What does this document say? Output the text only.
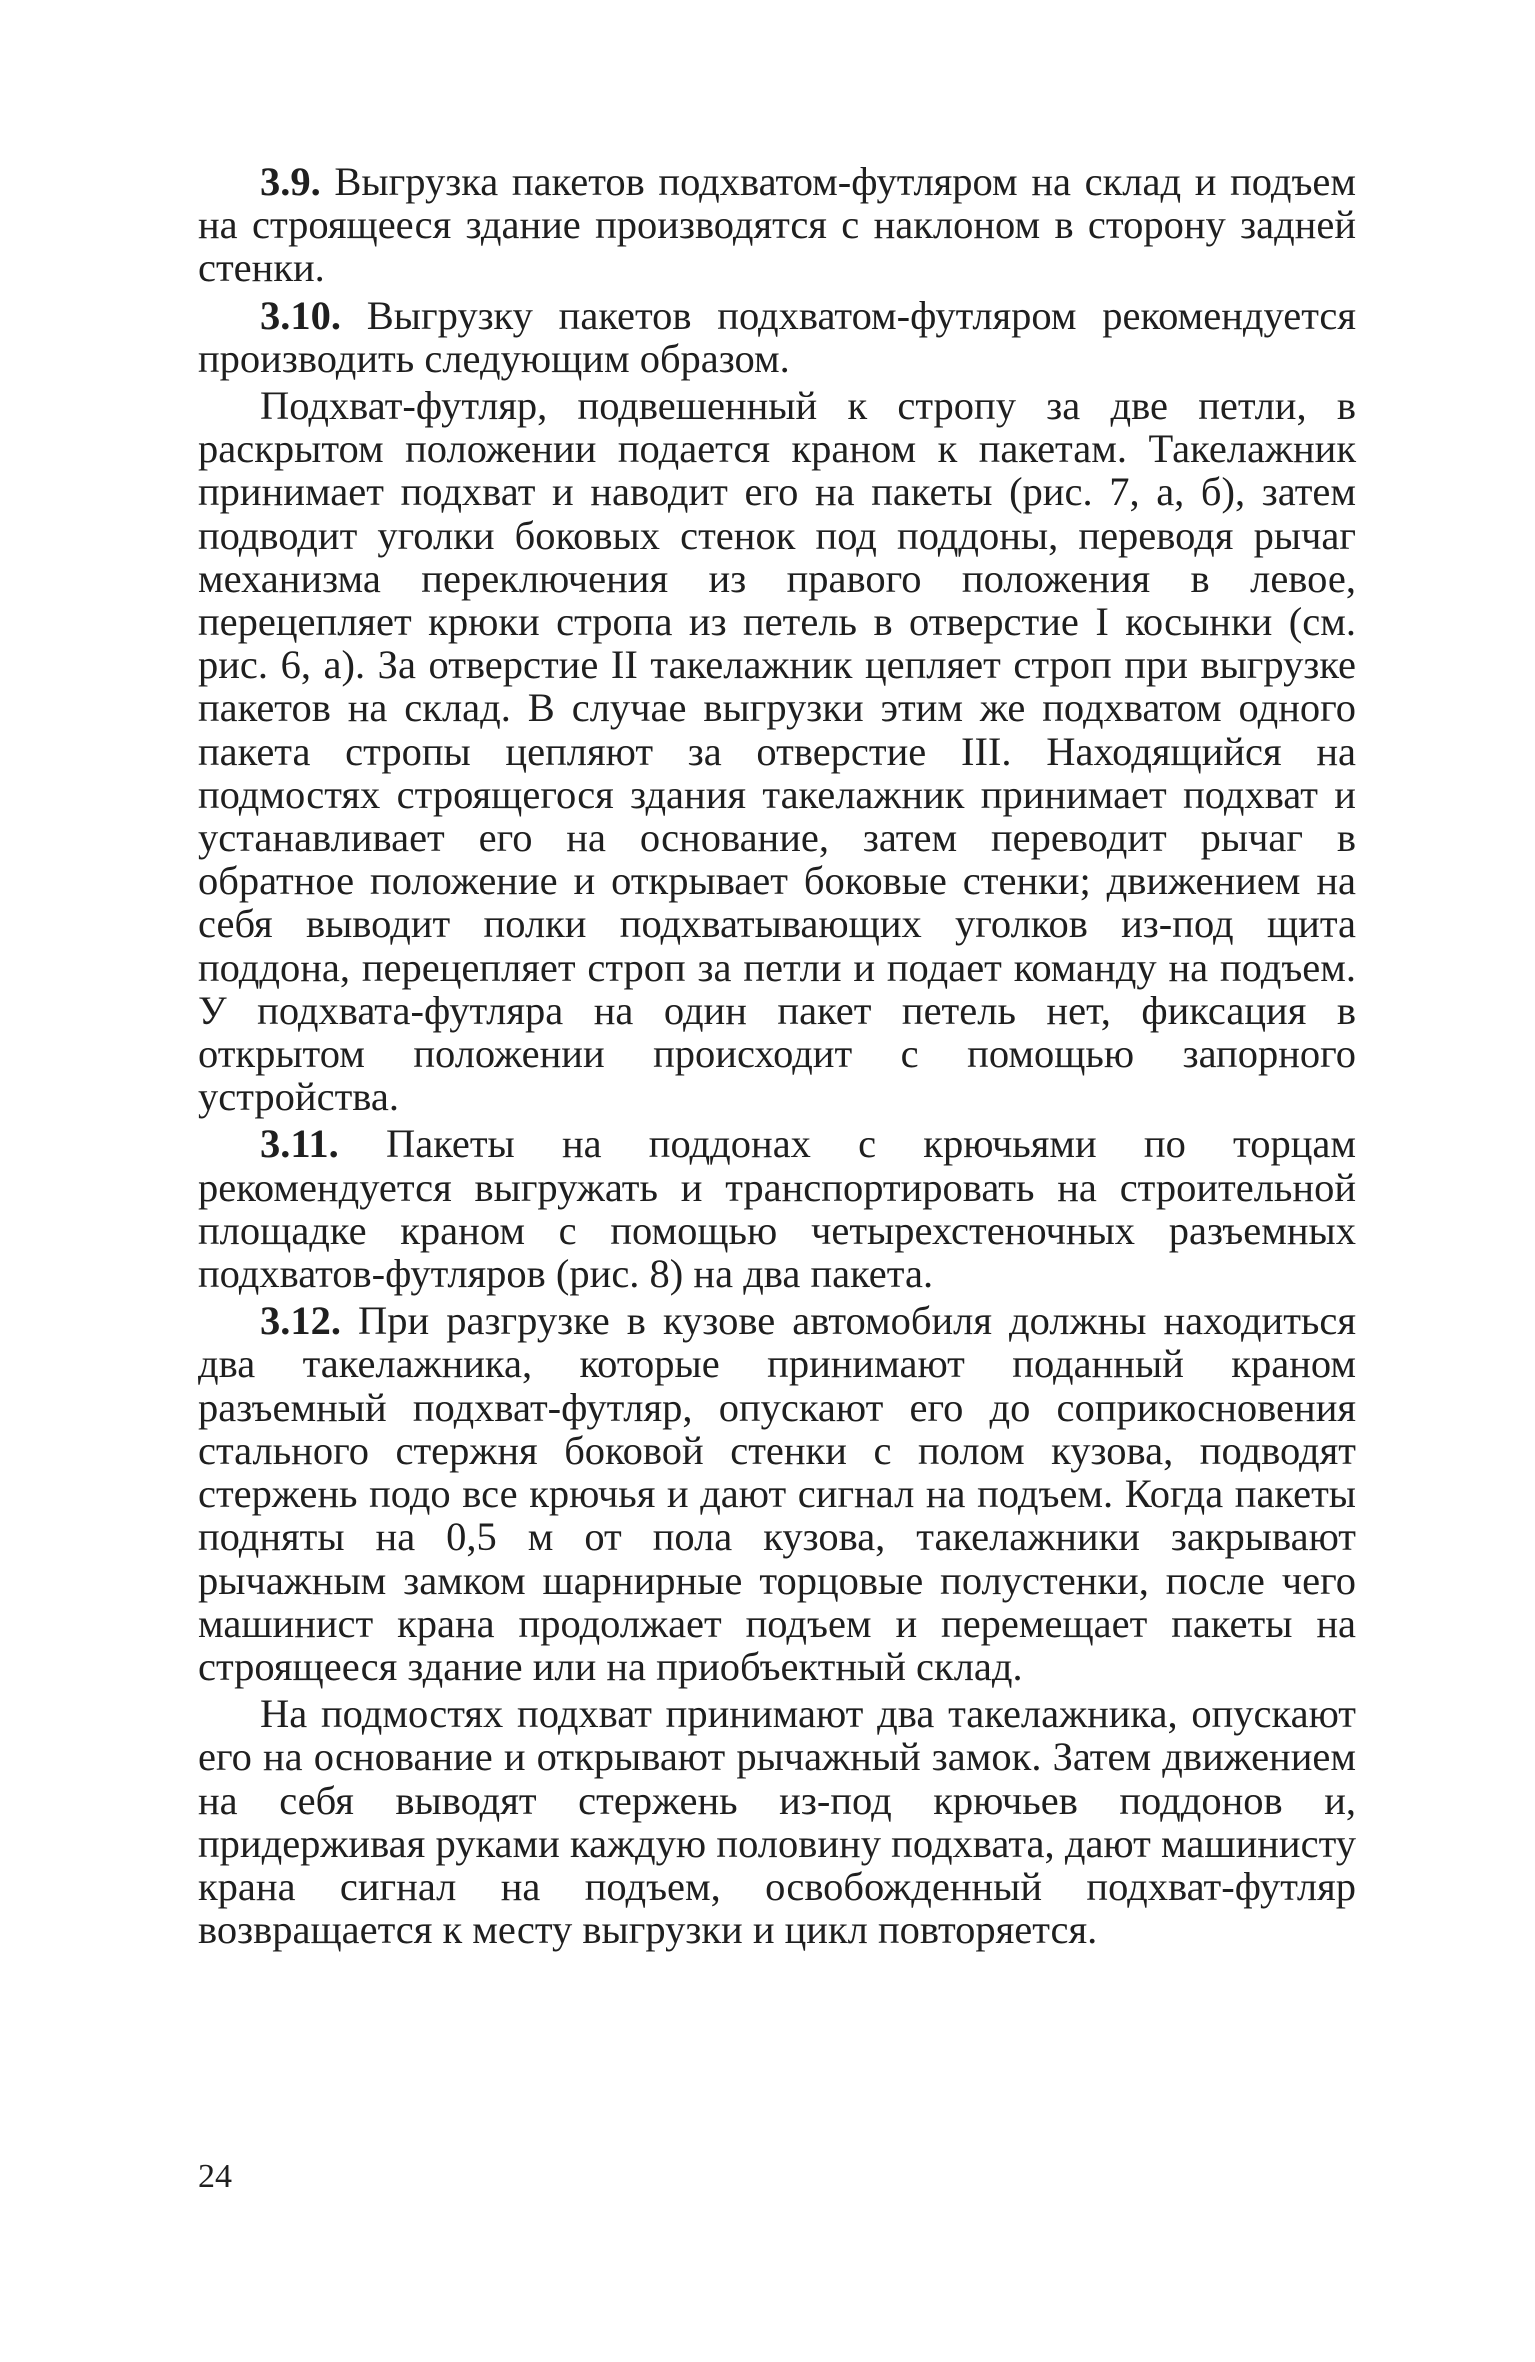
3.9. Выгрузка пакетов подхватом-футляром на склад и подъем на строящееся здание производятся с наклоном в сторону задней стенки.

3.10. Выгрузку пакетов подхватом-футляром рекомендуется производить следующим образом.

Подхват-футляр, подвешенный к стропу за две петли, в раскрытом положении подается краном к пакетам. Такелажник принимает подхват и наводит его на пакеты (рис. 7, а, б), затем подводит уголки боковых стенок под поддоны, переводя рычаг механизма переключения из правого положения в левое, перецепляет крюки стропа из петель в отверстие I косынки (см. рис. 6, а). За отверстие II такелажник цепляет строп при выгрузке пакетов на склад. В случае выгрузки этим же подхватом одного пакета стропы цепляют за отверстие III. Находящийся на подмостях строящегося здания такелажник принимает подхват и устанавливает его на основание, затем переводит рычаг в обратное положение и открывает боковые стенки; движением на себя выводит полки подхватывающих уголков из-под щита поддона, перецепляет строп за петли и подает команду на подъем. У подхвата-футляра на один пакет петель нет, фиксация в открытом положении происходит с помощью запорного устройства.

3.11. Пакеты на поддонах с крючьями по торцам рекомендуется выгружать и транспортировать на строительной площадке краном с помощью четырехстеночных разъемных подхватов-футляров (рис. 8) на два пакета.

3.12. При разгрузке в кузове автомобиля должны находиться два такелажника, которые принимают поданный краном разъемный подхват-футляр, опускают его до соприкосновения стального стержня боковой стенки с полом кузова, подводят стержень подо все крючья и дают сигнал на подъем. Когда пакеты подняты на 0,5 м от пола кузова, такелажники закрывают рычажным замком шарнирные торцовые полустенки, после чего машинист крана продолжает подъем и перемещает пакеты на строящееся здание или на приобъектный склад.

На подмостях подхват принимают два такелажника, опускают его на основание и открывают рычажный замок. Затем движением на себя выводят стержень из-под крючьев поддонов и, придерживая руками каждую половину подхвата, дают машинисту крана сигнал на подъем, освобожденный подхват-футляр возвращается к месту выгрузки и цикл повторяется.

24
